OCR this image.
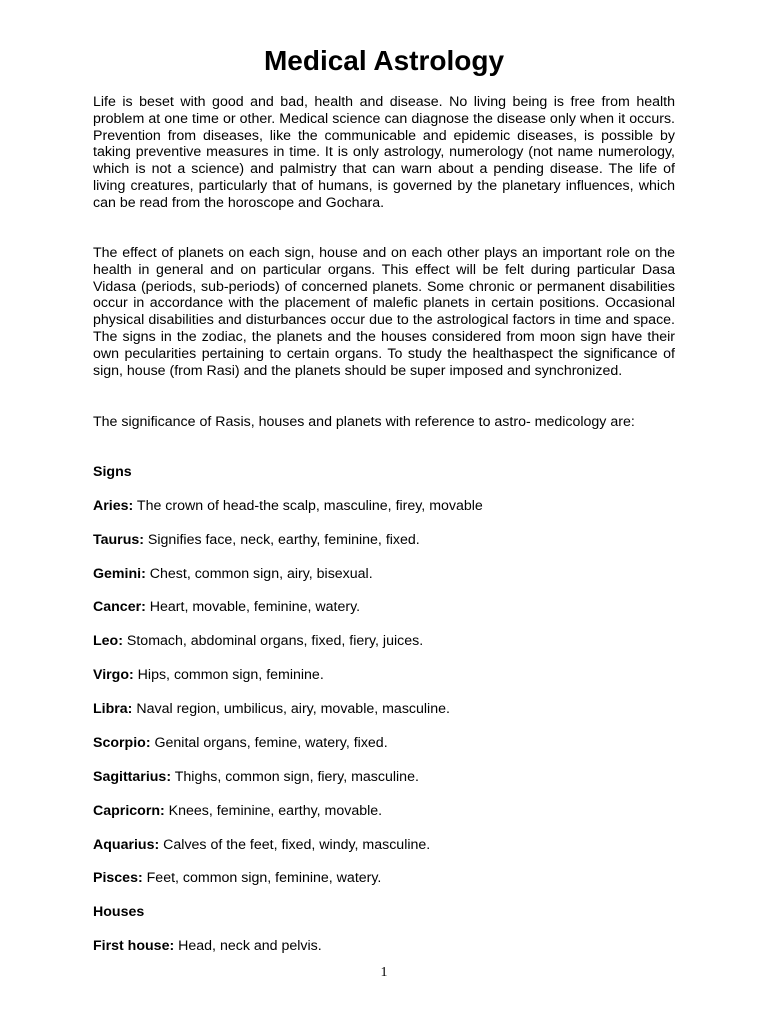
Medical Astrology

Life is beset with good and bad, health and disease. No living being is free from health problem at one time or other. Medical science can diagnose the disease only when it occurs. Prevention from diseases, like the communicable and epidemic diseases, is possible by taking preventive measures in time. It is only astrology, numerology (not name numerology, which is not a science) and palmistry that can warn about a pending disease. The life of living creatures, particularly that of humans, is governed by the planetary influences, which can be read from the horoscope and Gochara.

The effect of planets on each sign, house and on each other plays an important role on the health in general and on particular organs. This effect will be felt during particular Dasa Vidasa (periods, sub-periods) of concerned planets. Some chronic or permanent disabilities occur in accordance with the placement of malefic planets in certain positions. Occasional physical disabilities and disturbances occur due to the astrological factors in time and space. The signs in the zodiac, the planets and the houses considered from moon sign have their own pecularities pertaining to certain organs. To study the healthaspect the significance of sign, house (from Rasi) and the planets should be super imposed and synchronized.

The significance of Rasis, houses and planets with reference to astro- medicology are:

Signs

Aries: The crown of head-the scalp, masculine, firey, movable

Taurus: Signifies face, neck, earthy, feminine, fixed.

Gemini: Chest, common sign, airy, bisexual.

Cancer: Heart, movable, feminine, watery.

Leo: Stomach, abdominal organs, fixed, fiery, juices.

Virgo: Hips, common sign, feminine.

Libra: Naval region, umbilicus, airy, movable, masculine.

Scorpio: Genital organs, femine, watery, fixed.

Sagittarius: Thighs, common sign, fiery, masculine.

Capricorn: Knees, feminine, earthy, movable.

Aquarius: Calves of the feet, fixed, windy, masculine.

Pisces: Feet, common sign, feminine, watery.

Houses

First house: Head, neck and pelvis.

1
